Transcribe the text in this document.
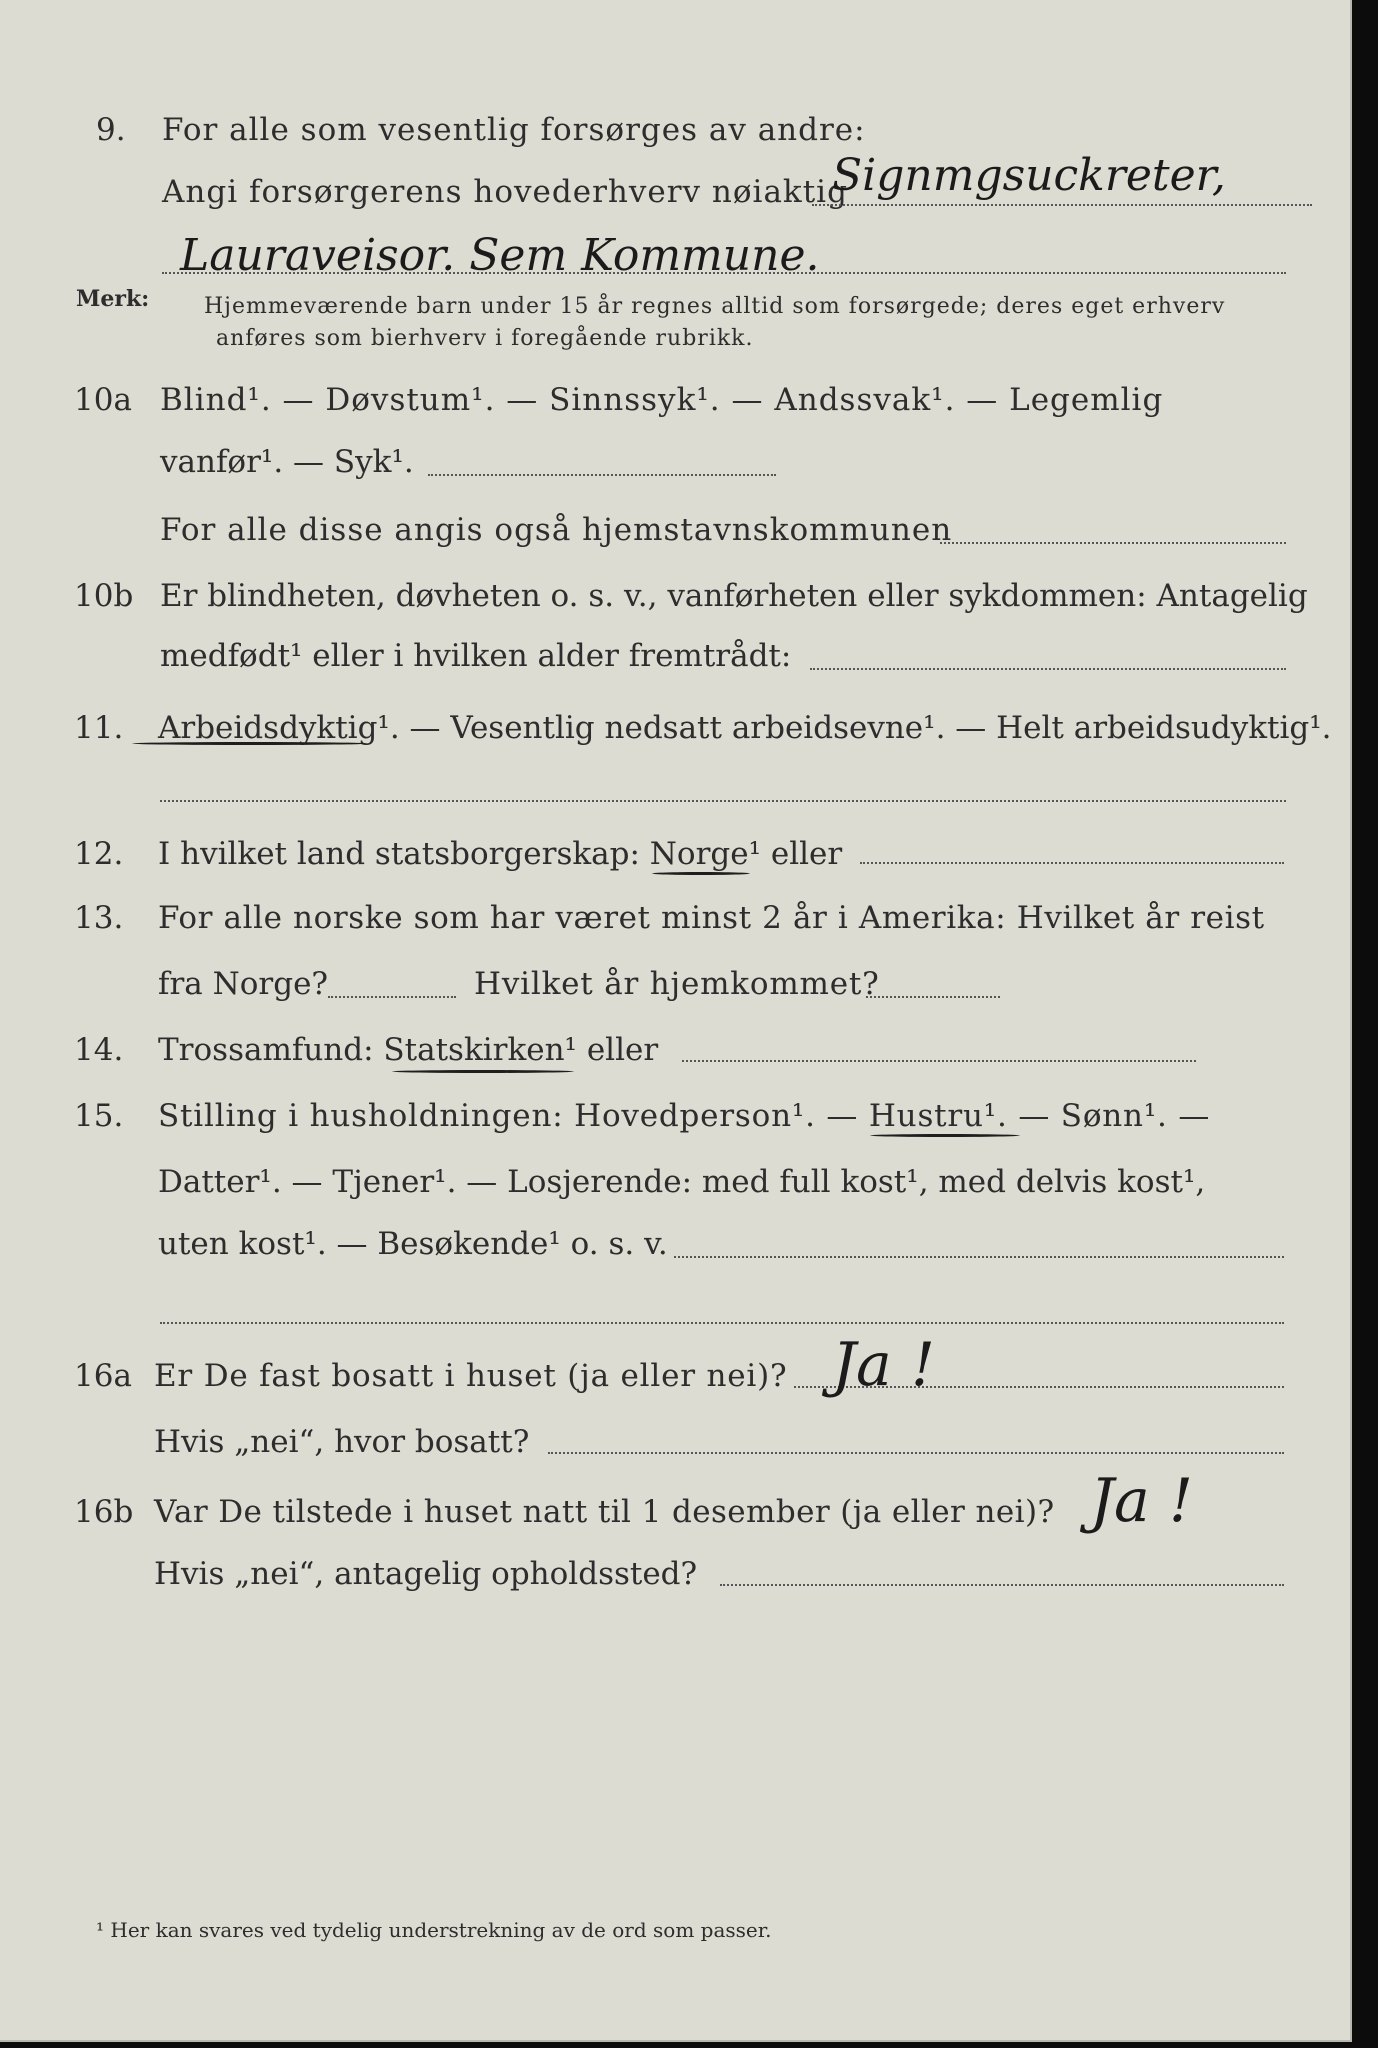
9. For alle som vesentlig forsørges av andre:
Angi forsørgerens hovederhverv nøiaktig
Signmgsuckreter,
Lauraveisor. Sem Kommune.
Merk: Hjemmeværende barn under 15 år regnes alltid som forsørgede; deres eget erhverv
anføres som bierhverv i foregående rubrikk.
10a Blind¹. — Døvstum¹. — Sinnssyk¹. — Andssvak¹. — Legemlig
vanfør¹. — Syk¹.
For alle disse angis også hjemstavnskommunen
10b Er blindheten, døvheten o. s. v., vanførheten eller sykdommen: Antagelig
medfødt¹ eller i hvilken alder fremtrådt:
11. Arbeidsdyktig¹. — Vesentlig nedsatt arbeidsevne¹. — Helt arbeidsudyktig¹.
12. I hvilket land statsborgerskap: Norge¹ eller
13. For alle norske som har været minst 2 år i Amerika: Hvilket år reist
fra Norge?	Hvilket år hjemkommet?
14. Trossamfund: Statskirken¹ eller
15. Stilling i husholdningen: Hovedperson¹. — Hustru¹. — Sønn¹. —
Datter¹. — Tjener¹. — Losjerende: med full kost¹, med delvis kost¹,
uten kost¹. — Besøkende¹ o. s. v.
16a Er De fast bosatt i huset (ja eller nei)? Ja !
Hvis „nei“, hvor bosatt?
16b Var De tilstede i huset natt til 1 desember (ja eller nei)? Ja !
Hvis „nei“, antagelig opholdssted?
¹ Her kan svares ved tydelig understrekning av de ord som passer.
